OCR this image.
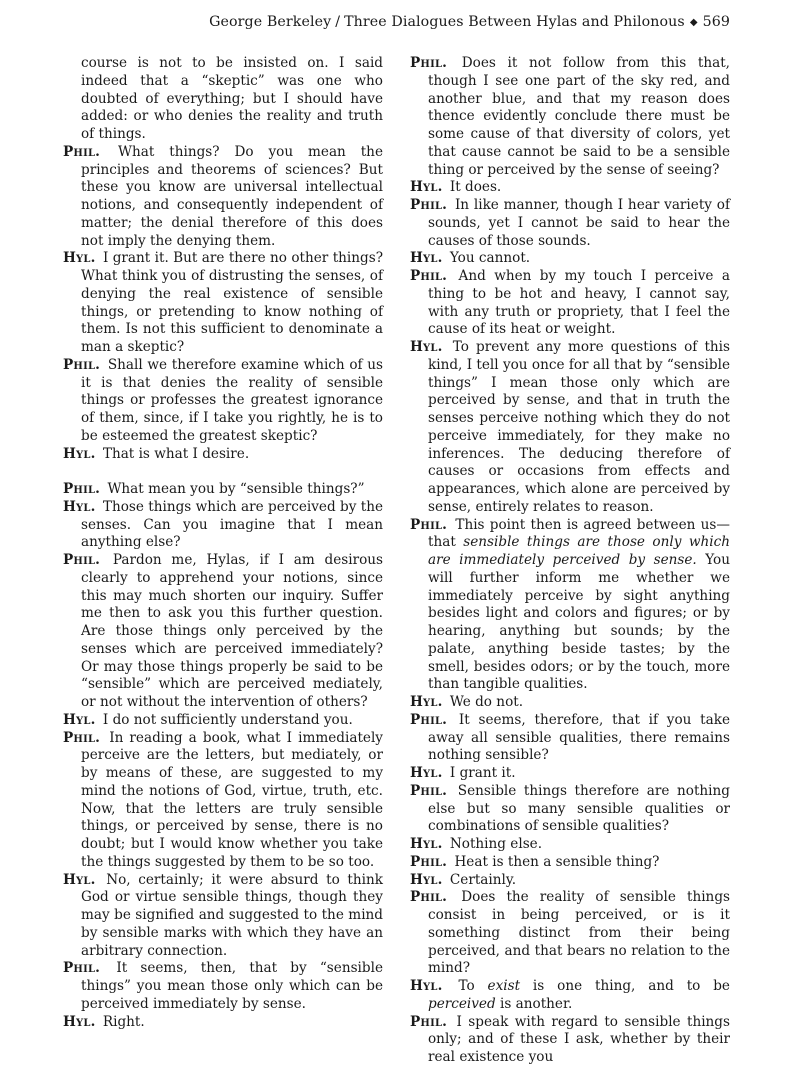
George Berkeley / Three Dialogues Between Hylas and Philonous ◆ 569

course is not to be insisted on. I said indeed that a “skeptic” was one who doubted of everything; but I should have added: or who denies the reality and truth of things.

Phil. What things? Do you mean the principles and theorems of sciences? But these you know are universal intellectual notions, and consequently independent of matter; the denial therefore of this does not imply the denying them.

Hyl. I grant it. But are there no other things? What think you of distrusting the senses, of denying the real existence of sensible things, or pretending to know nothing of them. Is not this sufficient to denominate a man a skeptic?

Phil. Shall we therefore examine which of us it is that denies the reality of sensible things or professes the greatest ignorance of them, since, if I take you rightly, he is to be esteemed the greatest skeptic?

Hyl. That is what I desire.

Phil. What mean you by “sensible things?”

Hyl. Those things which are perceived by the senses. Can you imagine that I mean anything else?

Phil. Pardon me, Hylas, if I am desirous clearly to apprehend your notions, since this may much shorten our inquiry. Suffer me then to ask you this further question. Are those things only perceived by the senses which are perceived immediately? Or may those things properly be said to be “sensible” which are perceived mediately, or not without the intervention of others?

Hyl. I do not sufficiently understand you.

Phil. In reading a book, what I immediately perceive are the letters, but mediately, or by means of these, are suggested to my mind the notions of God, virtue, truth, etc. Now, that the letters are truly sensible things, or perceived by sense, there is no doubt; but I would know whether you take the things suggested by them to be so too.

Hyl. No, certainly; it were absurd to think God or virtue sensible things, though they may be signified and suggested to the mind by sensible marks with which they have an arbitrary connection.

Phil. It seems, then, that by “sensible things” you mean those only which can be perceived immediately by sense.

Hyl. Right.

Phil. Does it not follow from this that, though I see one part of the sky red, and another blue, and that my reason does thence evidently conclude there must be some cause of that diversity of colors, yet that cause cannot be said to be a sensible thing or perceived by the sense of seeing?

Hyl. It does.

Phil. In like manner, though I hear variety of sounds, yet I cannot be said to hear the causes of those sounds.

Hyl. You cannot.

Phil. And when by my touch I perceive a thing to be hot and heavy, I cannot say, with any truth or propriety, that I feel the cause of its heat or weight.

Hyl. To prevent any more questions of this kind, I tell you once for all that by “sensible things” I mean those only which are perceived by sense, and that in truth the senses perceive nothing which they do not perceive immediately, for they make no inferences. The deducing therefore of causes or occasions from effects and appearances, which alone are perceived by sense, entirely relates to reason.

Phil. This point then is agreed between us—that sensible things are those only which are immediately perceived by sense. You will further inform me whether we immediately perceive by sight anything besides light and colors and figures; or by hearing, anything but sounds; by the palate, anything beside tastes; by the smell, besides odors; or by the touch, more than tangible qualities.

Hyl. We do not.

Phil. It seems, therefore, that if you take away all sensible qualities, there remains nothing sensible?

Hyl. I grant it.

Phil. Sensible things therefore are nothing else but so many sensible qualities or combinations of sensible qualities?

Hyl. Nothing else.

Phil. Heat is then a sensible thing?

Hyl. Certainly.

Phil. Does the reality of sensible things consist in being perceived, or is it something distinct from their being perceived, and that bears no relation to the mind?

Hyl. To exist is one thing, and to be perceived is another.

Phil. I speak with regard to sensible things only; and of these I ask, whether by their real existence you
